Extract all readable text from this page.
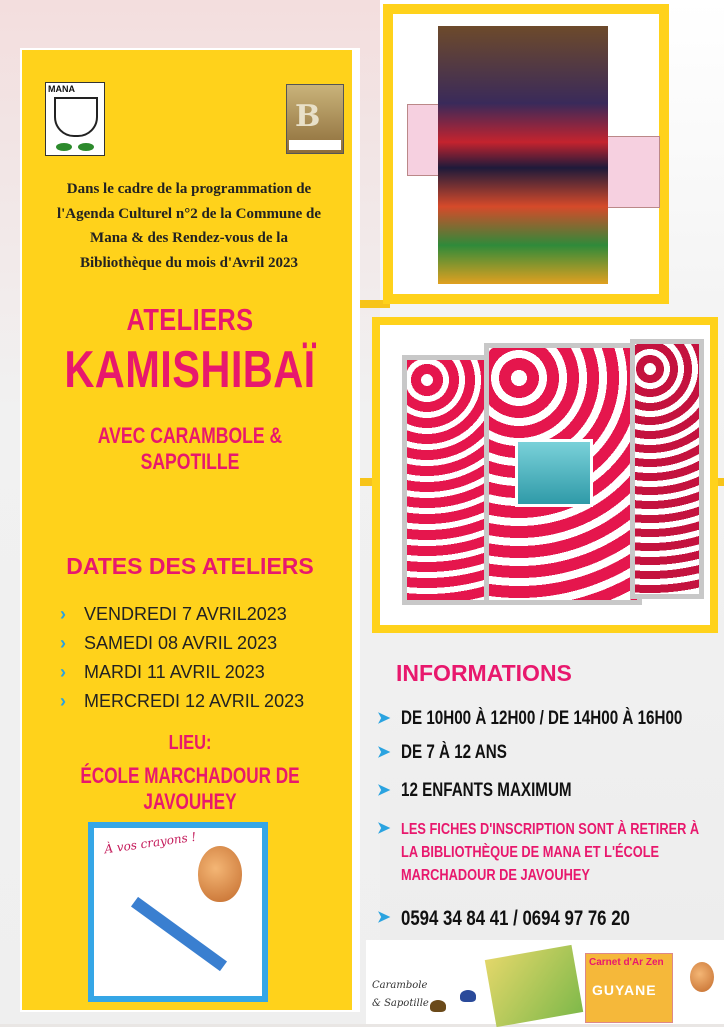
MANA
B
Dans le cadre de la programmation de
l'Agenda Culturel n°2 de la Commune de
Mana & des Rendez-vous de la
Bibliothèque du mois d'Avril 2023
ATELIERS
KAMISHIBAÏ
AVEC CARAMBOLE & SAPOTILLE
DATES DES ATELIERS
›	VENDREDI 7 AVRIL2023
›	SAMEDI 08 AVRIL 2023
›	MARDI 11 AVRIL 2023
›	MERCREDI 12 AVRIL 2023
LIEU:
ÉCOLE MARCHADOUR DE JAVOUHEY
À vos crayons !
INFORMATIONS
➤ DE 10H00 À 12H00 / DE 14H00 À 16H00
➤ DE 7 À 12 ANS
➤ 12 ENFANTS MAXIMUM
➤ LES FICHES D'INSCRIPTION SONT À RETIRER À LA BIBLIOTHÈQUE DE MANA ET L'ÉCOLE MARCHADOUR DE JAVOUHEY
➤ 0594 34 84 41 / 0694 97 76 20
Carambole & Sapotille
Carnet d'Ar Zen
GUYANE
